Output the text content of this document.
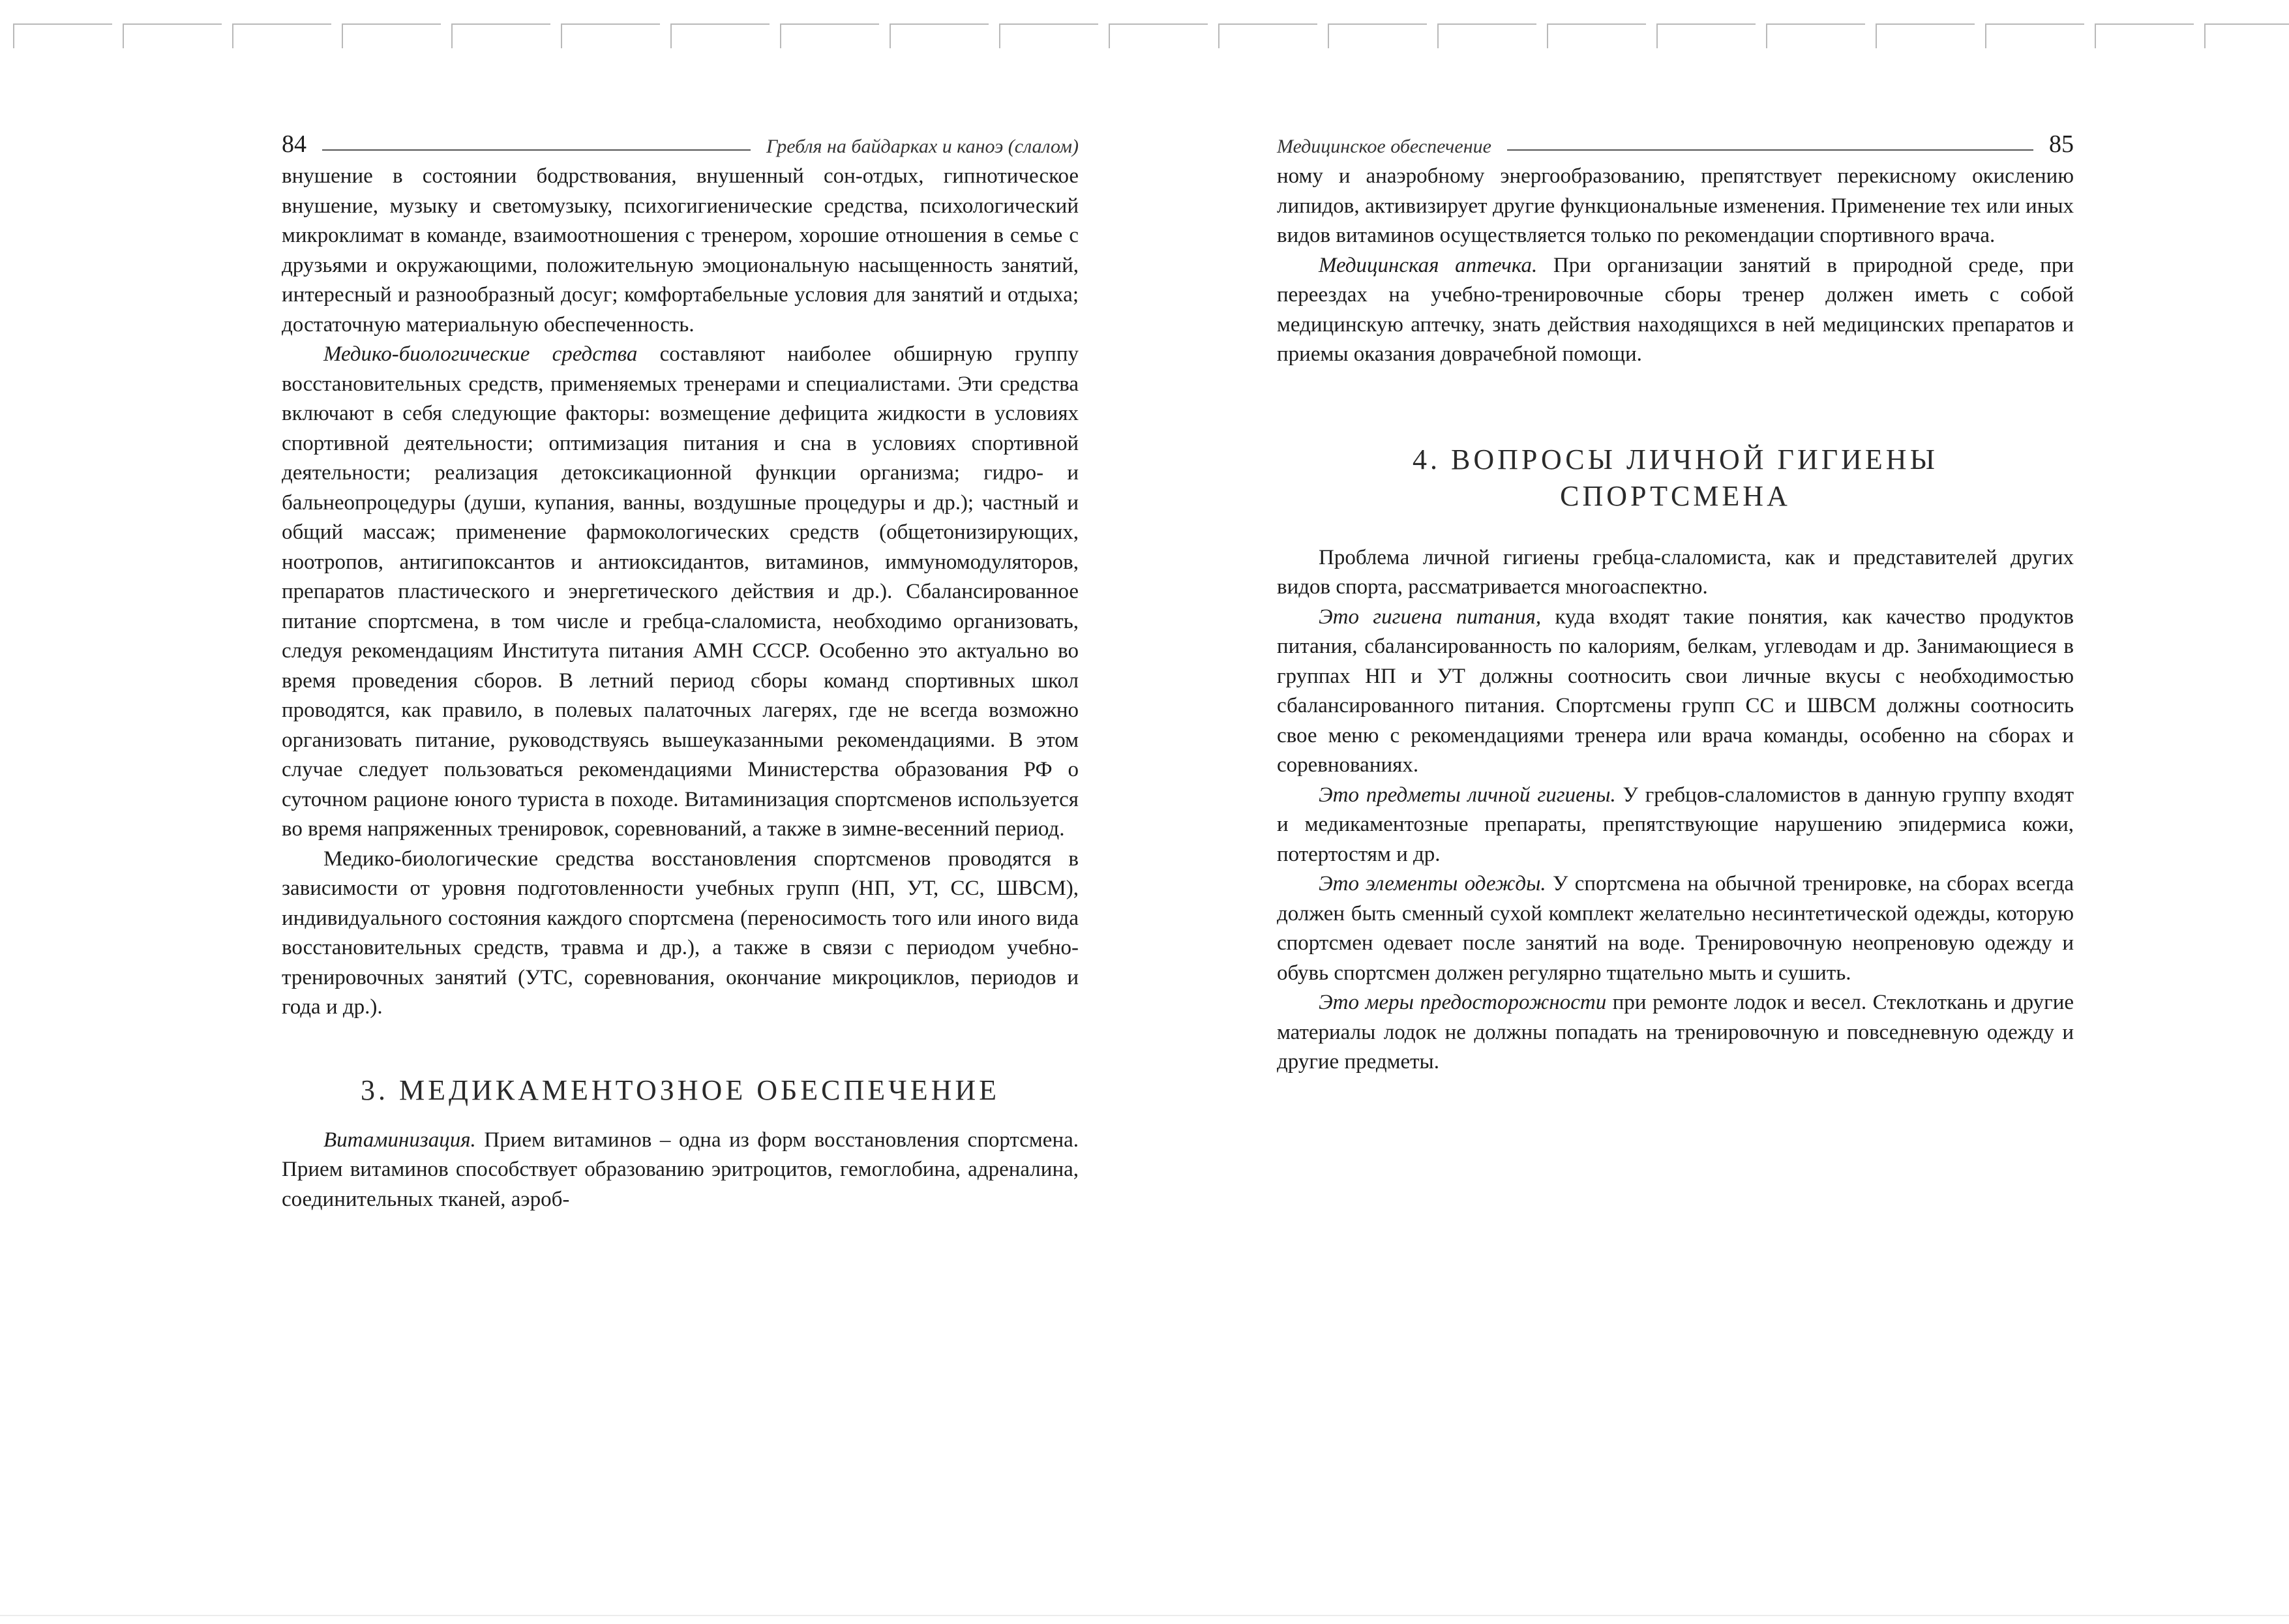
84	Гребля на байдарках и каноэ (слалом)

внушение в состоянии бодрствования, внушенный сон-отдых, гипнотическое внушение, музыку и светомузыку, психогигиенические средства, психологический микроклимат в команде, взаимоотношения с тренером, хорошие отношения в семье с друзьями и окружающими, положительную эмоциональную насыщенность занятий, интересный и разнообразный досуг; комфортабельные условия для занятий и отдыха; достаточную материальную обеспеченность.

Медико-биологические средства составляют наиболее обширную группу восстановительных средств, применяемых тренерами и специалистами. Эти средства включают в себя следующие факторы: возмещение дефицита жидкости в условиях спортивной деятельности; оптимизация питания и сна в условиях спортивной деятельности; реализация детоксикационной функции организма; гидро- и бальнеопроцедуры (души, купания, ванны, воздушные процедуры и др.); частный и общий массаж; применение фармокологических средств (общетонизирующих, ноотропов, антигипоксантов и антиоксидантов, витаминов, иммуномодуляторов, препаратов пластического и энергетического действия и др.). Сбалансированное питание спортсмена, в том числе и гребца-слаломиста, необходимо организовать, следуя рекомендациям Института питания АМН СССР. Особенно это актуально во время проведения сборов. В летний период сборы команд спортивных школ проводятся, как правило, в полевых палаточных лагерях, где не всегда возможно организовать питание, руководствуясь вышеуказанными рекомендациями. В этом случае следует пользоваться рекомендациями Министерства образования РФ о суточном рационе юного туриста в походе. Витаминизация спортсменов используется во время напряженных тренировок, соревнований, а также в зимне-весенний период.

Медико-биологические средства восстановления спортсменов проводятся в зависимости от уровня подготовленности учебных групп (НП, УТ, СС, ШВСМ), индивидуального состояния каждого спортсмена (переносимость того или иного вида восстановительных средств, травма и др.), а также в связи с периодом учебно-тренировочных занятий (УТС, соревнования, окончание микроциклов, периодов и года и др.).

3. МЕДИКАМЕНТОЗНОЕ ОБЕСПЕЧЕНИЕ

Витаминизация. Прием витаминов – одна из форм восстановления спортсмена. Прием витаминов способствует образованию эритроцитов, гемоглобина, адреналина, соединительных тканей, аэроб-

Медицинское обеспечение	85

ному и анаэробному энергообразованию, препятствует перекисному окислению липидов, активизирует другие функциональные изменения. Применение тех или иных видов витаминов осуществляется только по рекомендации спортивного врача.

Медицинская аптечка. При организации занятий в природной среде, при переездах на учебно-тренировочные сборы тренер должен иметь с собой медицинскую аптечку, знать действия находящихся в ней медицинских препаратов и приемы оказания доврачебной помощи.

4. ВОПРОСЫ ЛИЧНОЙ ГИГИЕНЫ
СПОРТСМЕНА

Проблема личной гигиены гребца-слаломиста, как и представителей других видов спорта, рассматривается многоаспектно.

Это гигиена питания, куда входят такие понятия, как качество продуктов питания, сбалансированность по калориям, белкам, углеводам и др. Занимающиеся в группах НП и УТ должны соотносить свои личные вкусы с необходимостью сбалансированного питания. Спортсмены групп СС и ШВСМ должны соотносить свое меню с рекомендациями тренера или врача команды, особенно на сборах и соревнованиях.

Это предметы личной гигиены. У гребцов-слаломистов в данную группу входят и медикаментозные препараты, препятствующие нарушению эпидермиса кожи, потертостям и др.

Это элементы одежды. У спортсмена на обычной тренировке, на сборах всегда должен быть сменный сухой комплект желательно несинтетической одежды, которую спортсмен одевает после занятий на воде. Тренировочную неопреновую одежду и обувь спортсмен должен регулярно тщательно мыть и сушить.

Это меры предосторожности при ремонте лодок и весел. Стеклоткань и другие материалы лодок не должны попадать на тренировочную и повседневную одежду и другие предметы.
